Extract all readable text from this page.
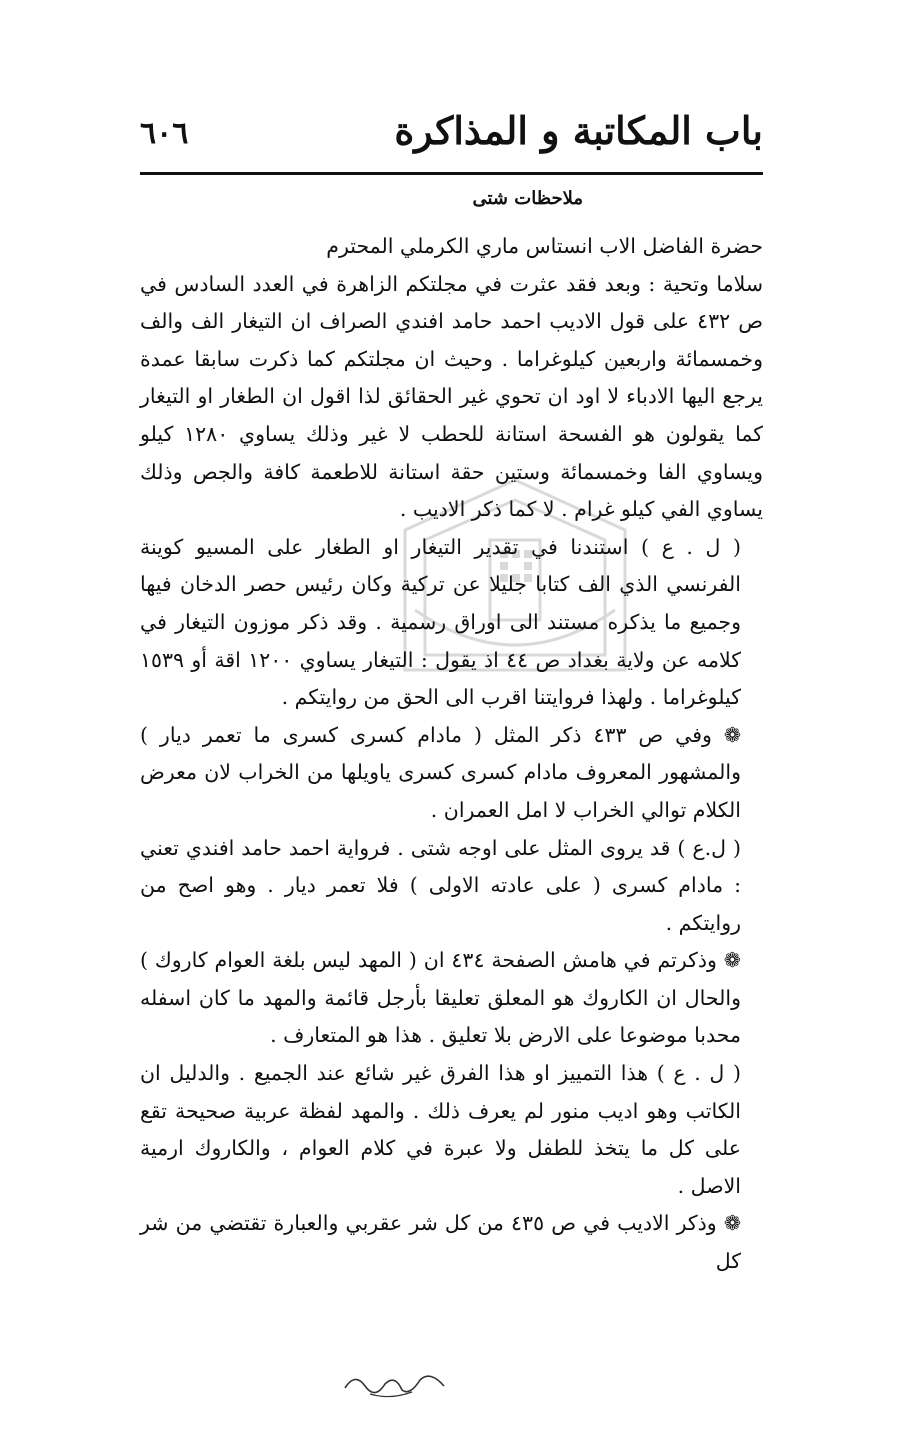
٦٠٦	باب المكاتبة و المذاكرة
ملاحظات شتى

حضرة الفاضل الاب انستاس ماري الكرملي المحترم

سلاما وتحية : وبعد فقد عثرت في مجلتكم الزاهرة في العدد السادس في ص ٤٣٢ على قول الاديب احمد حامد افندي الصراف ان التيغار الف والف وخمسمائة واربعين كيلوغراما . وحيث ان مجلتكم كما ذكرت سابقا عمدة يرجع اليها الادباء لا اود ان تحوي غير الحقائق لذا اقول ان الطغار او التيغار كما يقولون هو الفسحة استانة للحطب لا غير وذلك يساوي ١٢٨٠ كيلو ويساوي الفا وخمسمائة وستين حقة استانة للاطعمة كافة والجص وذلك يساوي الفي كيلو غرام . لا كما ذكر الاديب .

( ل . ع ) استندنا في تقدير التيغار او الطغار على المسيو كوينة الفرنسي الذي الف كتابا جليلا عن تركية وكان رئيس حصر الدخان فيها وجميع ما يذكره مستند الى اوراق رسمية . وقد ذكر موزون التيغار في كلامه عن ولاية بغداد ص ٤٤ اذ يقول : التيغار يساوي ١٢٠٠ اقة أو ١٥٣٩ كيلوغراما . ولهذا فروايتنا اقرب الى الحق من روايتكم .

❁ وفي ص ٤٣٣ ذكر المثل ( مادام كسرى كسرى ما تعمر ديار ) والمشهور المعروف مادام كسرى كسرى ياويلها من الخراب لان معرض الكلام توالي الخراب لا امل العمران .

( ل.ع ) قد يروى المثل على اوجه شتى . فرواية احمد حامد افندي تعني : مادام كسرى ( على عادته الاولى ) فلا تعمر ديار . وهو اصح من روايتكم .

❁ وذكرتم في هامش الصفحة ٤٣٤ ان ( المهد ليس بلغة العوام كاروك ) والحال ان الكاروك هو المعلق تعليقا بأرجل قائمة والمهد ما كان اسفله محدبا موضوعا على الارض بلا تعليق . هذا هو المتعارف .

( ل . ع ) هذا التمييز او هذا الفرق غير شائع عند الجميع . والدليل ان الكاتب وهو اديب منور لم يعرف ذلك . والمهد لفظة عربية صحيحة تقع على كل ما يتخذ للطفل ولا عبرة في كلام العوام ، والكاروك ارمية الاصل .

❁ وذكر الاديب في ص ٤٣٥ من كل شر عقربي والعبارة تقتضي من شر كل
